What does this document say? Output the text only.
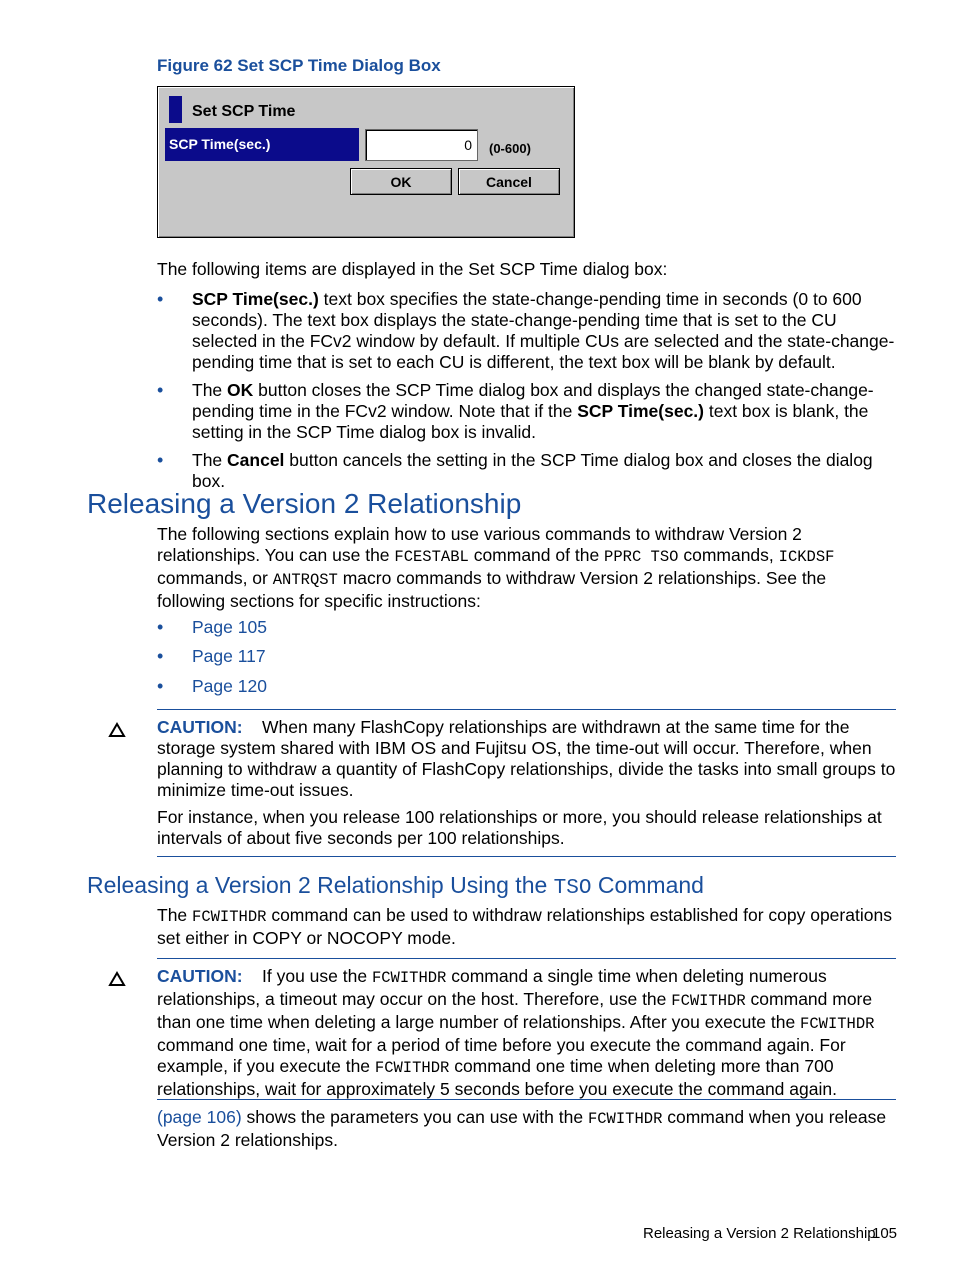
Figure 62 Set SCP Time Dialog Box
Set SCP Time
SCP Time(sec.)
0	(0-600)
OK	Cancel
The following items are displayed in the Set SCP Time dialog box:
• SCP Time(sec.) text box specifies the state-change-pending time in seconds (0 to 600 seconds). The text box displays the state-change-pending time that is set to the CU selected in the FCv2 window by default. If multiple CUs are selected and the state-change-pending time that is set to each CU is different, the text box will be blank by default.
• The OK button closes the SCP Time dialog box and displays the changed state-change-pending time in the FCv2 window. Note that if the SCP Time(sec.) text box is blank, the setting in the SCP Time dialog box is invalid.
• The Cancel button cancels the setting in the SCP Time dialog box and closes the dialog box.
Releasing a Version 2 Relationship
The following sections explain how to use various commands to withdraw Version 2 relationships. You can use the FCESTABL command of the PPRC TSO commands, ICKDSF commands, or ANTRQST macro commands to withdraw Version 2 relationships. See the following sections for specific instructions:
• Page 105
• Page 117
• Page 120
CAUTION: When many FlashCopy relationships are withdrawn at the same time for the storage system shared with IBM OS and Fujitsu OS, the time-out will occur. Therefore, when planning to withdraw a quantity of FlashCopy relationships, divide the tasks into small groups to minimize time-out issues.
For instance, when you release 100 relationships or more, you should release relationships at intervals of about five seconds per 100 relationships.
Releasing a Version 2 Relationship Using the TSO Command
The FCWITHDR command can be used to withdraw relationships established for copy operations set either in COPY or NOCOPY mode.
CAUTION: If you use the FCWITHDR command a single time when deleting numerous relationships, a timeout may occur on the host. Therefore, use the FCWITHDR command more than one time when deleting a large number of relationships. After you execute the FCWITHDR command one time, wait for a period of time before you execute the command again. For example, if you execute the FCWITHDR command one time when deleting more than 700 relationships, wait for approximately 5 seconds before you execute the command again.
(page 106) shows the parameters you can use with the FCWITHDR command when you release Version 2 relationships.
Releasing a Version 2 Relationship
105
